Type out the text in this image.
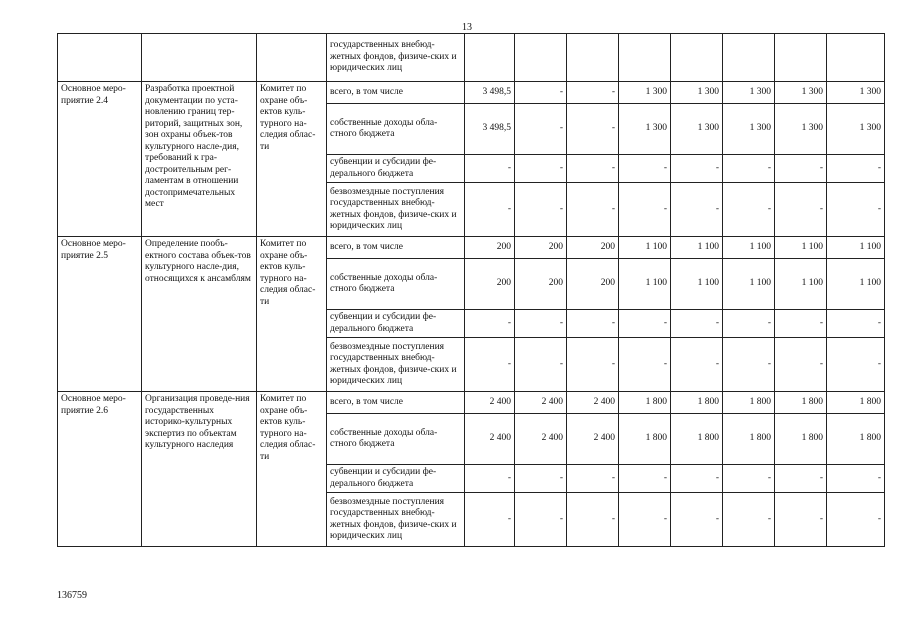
13
			государственных внебюд-жетных фондов, физиче-ских и юридических лиц								
Основное меро-приятие 2.4	Разработка проектной документации по уста-новлению границ тер-риторий, защитных зон, зон охраны объек-тов культурного насле-дия, требований к гра-достроительным рег-ламентам в отношении достопримечательных мест	Комитет по охране объ-ектов куль-турного на-следия облас-ти	всего, в том числе	3 498,5	-	-	1 300	1 300	1 300	1 300	1 300
			собственные доходы обла-стного бюджета	3 498,5	-	-	1 300	1 300	1 300	1 300	1 300
			субвенции и субсидии фе-дерального бюджета	-	-	-	-	-	-	-	-
			безвозмездные поступления государственных внебюд-жетных фондов, физиче-ских и юридических лиц	-	-	-	-	-	-	-	-
Основное меро-приятие 2.5	Определение пообъ-ектного состава объек-тов культурного насле-дия, относящихся к ансамблям	Комитет по охране объ-ектов куль-турного на-следия облас-ти	всего, в том числе	200	200	200	1 100	1 100	1 100	1 100	1 100
			собственные доходы обла-стного бюджета	200	200	200	1 100	1 100	1 100	1 100	1 100
			субвенции и субсидии фе-дерального бюджета	-	-	-	-	-	-	-	-
			безвозмездные поступления государственных внебюд-жетных фондов, физиче-ских и юридических лиц	-	-	-	-	-	-	-	-
Основное меро-приятие 2.6	Организация проведе-ния государственных историко-культурных экспертиз по объектам культурного наследия	Комитет по охране объ-ектов куль-турного на-следия облас-ти	всего, в том числе	2 400	2 400	2 400	1 800	1 800	1 800	1 800	1 800
			собственные доходы обла-стного бюджета	2 400	2 400	2 400	1 800	1 800	1 800	1 800	1 800
			субвенции и субсидии фе-дерального бюджета	-	-	-	-	-	-	-	-
			безвозмездные поступления государственных внебюд-жетных фондов, физиче-ских и юридических лиц	-	-	-	-	-	-	-	-
136759
